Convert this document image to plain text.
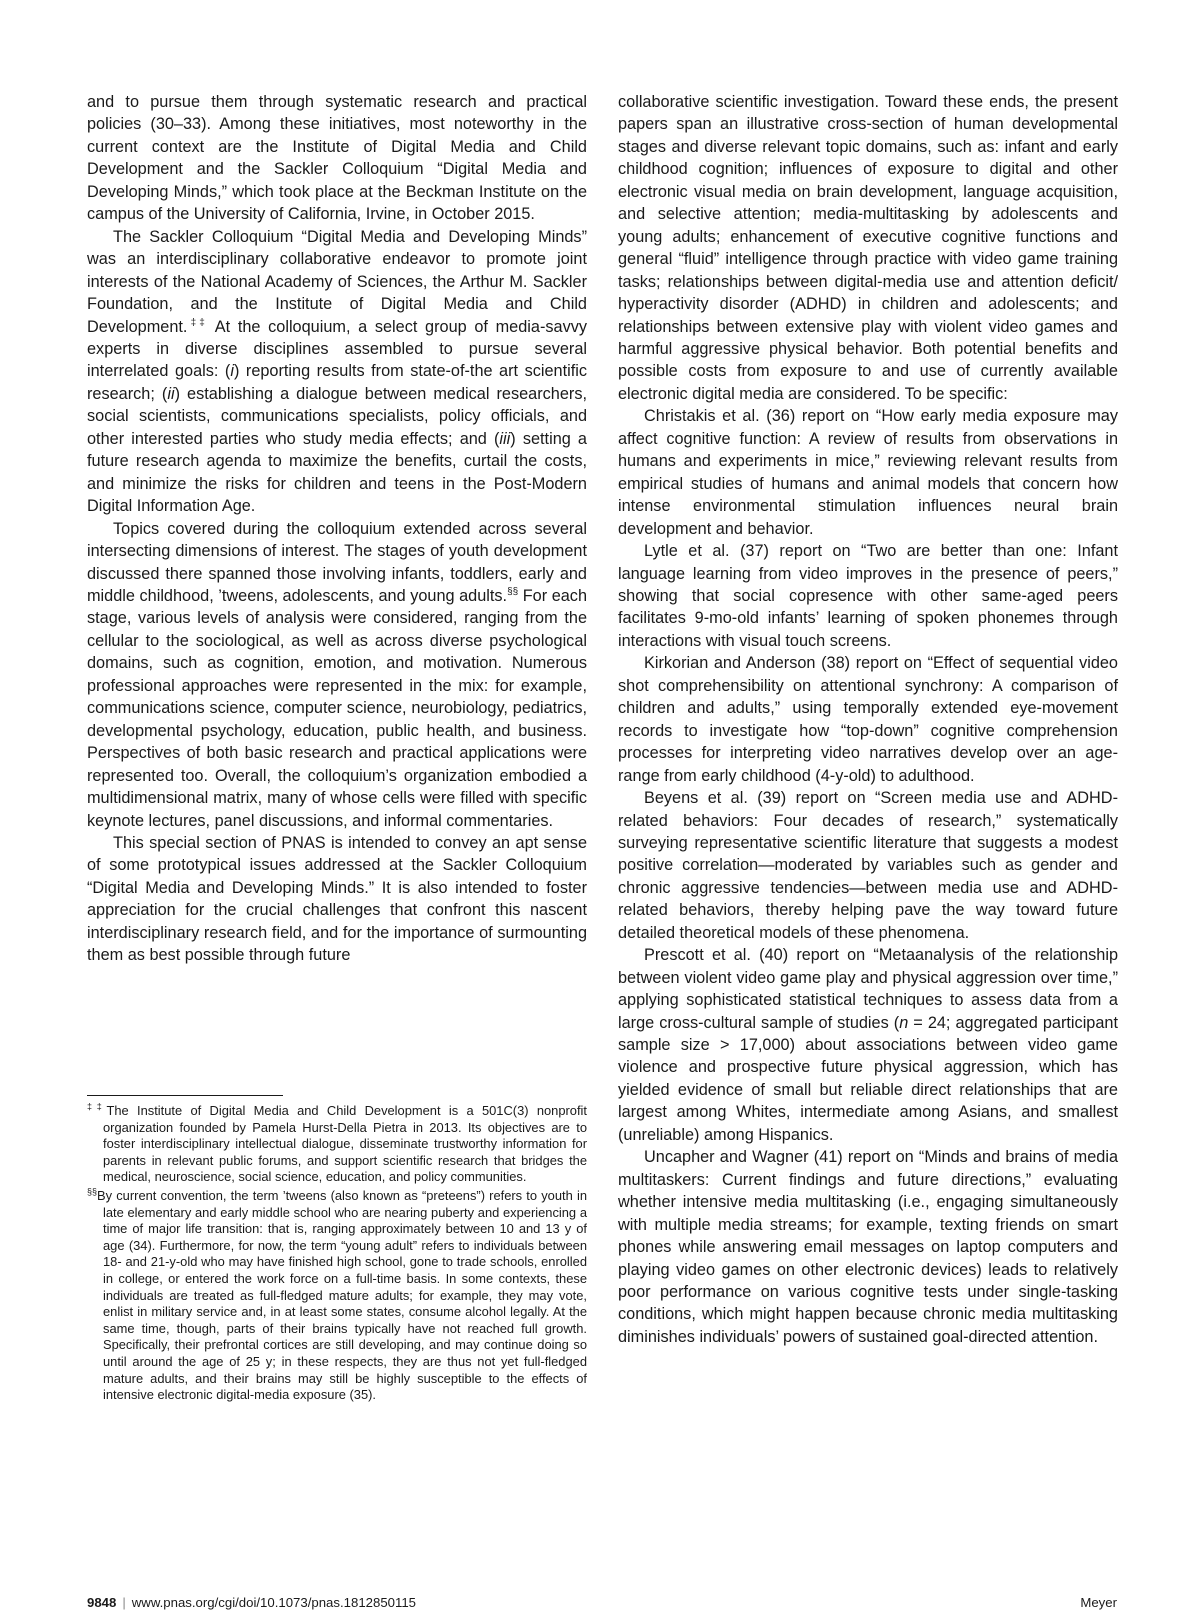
and to pursue them through systematic research and practical policies (30–33). Among these initiatives, most noteworthy in the current context are the Institute of Digital Media and Child Development and the Sackler Colloquium “Digital Media and Developing Minds,” which took place at the Beckman Institute on the campus of the University of California, Irvine, in October 2015.

The Sackler Colloquium “Digital Media and Developing Minds” was an interdisciplinary collaborative endeavor to promote joint interests of the National Academy of Sciences, the Arthur M. Sackler Foundation, and the Institute of Digital Media and Child Development.‡‡ At the colloquium, a select group of media-savvy experts in diverse disciplines assembled to pursue several interrelated goals: (i) reporting results from state-of-the art scientific research; (ii) establishing a dialogue between medical researchers, social scientists, communications specialists, policy officials, and other interested parties who study media effects; and (iii) setting a future research agenda to maximize the benefits, curtail the costs, and minimize the risks for children and teens in the Post-Modern Digital Information Age.

Topics covered during the colloquium extended across several intersecting dimensions of interest. The stages of youth development discussed there spanned those involving infants, toddlers, early and middle childhood, ’tweens, adolescents, and young adults.§§ For each stage, various levels of analysis were considered, ranging from the cellular to the sociological, as well as across diverse psychological domains, such as cognition, emotion, and motivation. Numerous professional approaches were represented in the mix: for example, communications science, computer science, neurobiology, pediatrics, developmental psychology, education, public health, and business. Perspectives of both basic research and practical applications were represented too. Overall, the colloquium’s organization embodied a multidimensional matrix, many of whose cells were filled with specific keynote lectures, panel discussions, and informal commentaries.

This special section of PNAS is intended to convey an apt sense of some prototypical issues addressed at the Sackler Colloquium “Digital Media and Developing Minds.” It is also intended to foster appreciation for the crucial challenges that confront this nascent interdisciplinary research field, and for the importance of surmounting them as best possible through future

‡‡The Institute of Digital Media and Child Development is a 501C(3) nonprofit organization founded by Pamela Hurst-Della Pietra in 2013. Its objectives are to foster interdisciplinary intellectual dialogue, disseminate trustworthy information for parents in relevant public forums, and support scientific research that bridges the medical, neuroscience, social science, education, and policy communities.

§§By current convention, the term ’tweens (also known as “preteens”) refers to youth in late elementary and early middle school who are nearing puberty and experiencing a time of major life transition: that is, ranging approximately between 10 and 13 y of age (34). Furthermore, for now, the term “young adult” refers to individuals between 18- and 21-y-old who may have finished high school, gone to trade schools, enrolled in college, or entered the work force on a full-time basis. In some contexts, these individuals are treated as full-fledged mature adults; for example, they may vote, enlist in military service and, in at least some states, consume alcohol legally. At the same time, though, parts of their brains typically have not reached full growth. Specifically, their prefrontal cortices are still developing, and may continue doing so until around the age of 25 y; in these respects, they are thus not yet full-fledged mature adults, and their brains may still be highly susceptible to the effects of intensive electronic digital-media exposure (35).

collaborative scientific investigation. Toward these ends, the present papers span an illustrative cross-section of human developmental stages and diverse relevant topic domains, such as: infant and early childhood cognition; influences of exposure to digital and other electronic visual media on brain development, language acquisition, and selective attention; media-multitasking by adolescents and young adults; enhancement of executive cognitive functions and general “fluid” intelligence through practice with video game training tasks; relationships between digital-media use and attention deficit/ hyperactivity disorder (ADHD) in children and adolescents; and relationships between extensive play with violent video games and harmful aggressive physical behavior. Both potential benefits and possible costs from exposure to and use of currently available electronic digital media are considered. To be specific:

Christakis et al. (36) report on “How early media exposure may affect cognitive function: A review of results from observations in humans and experiments in mice,” reviewing relevant results from empirical studies of humans and animal models that concern how intense environmental stimulation influences neural brain development and behavior.

Lytle et al. (37) report on “Two are better than one: Infant language learning from video improves in the presence of peers,” showing that social copresence with other same-aged peers facilitates 9-mo-old infants’ learning of spoken phonemes through interactions with visual touch screens.

Kirkorian and Anderson (38) report on “Effect of sequential video shot comprehensibility on attentional synchrony: A comparison of children and adults,” using temporally extended eye-movement records to investigate how “top-down” cognitive comprehension processes for interpreting video narratives develop over an age-range from early childhood (4-y-old) to adulthood.

Beyens et al. (39) report on “Screen media use and ADHD-related behaviors: Four decades of research,” systematically surveying representative scientific literature that suggests a modest positive correlation—moderated by variables such as gender and chronic aggressive tendencies—between media use and ADHD-related behaviors, thereby helping pave the way toward future detailed theoretical models of these phenomena.

Prescott et al. (40) report on “Metaanalysis of the relationship between violent video game play and physical aggression over time,” applying sophisticated statistical techniques to assess data from a large cross-cultural sample of studies (n = 24; aggregated participant sample size > 17,000) about associations between video game violence and prospective future physical aggression, which has yielded evidence of small but reliable direct relationships that are largest among Whites, intermediate among Asians, and smallest (unreliable) among Hispanics.

Uncapher and Wagner (41) report on “Minds and brains of media multitaskers: Current findings and future directions,” evaluating whether intensive media multitasking (i.e., engaging simultaneously with multiple media streams; for example, texting friends on smart phones while answering email messages on laptop computers and playing video games on other electronic devices) leads to relatively poor performance on various cognitive tests under single-tasking conditions, which might happen because chronic media multitasking diminishes individuals’ powers of sustained goal-directed attention.

9848 | www.pnas.org/cgi/doi/10.1073/pnas.1812850115	Meyer
